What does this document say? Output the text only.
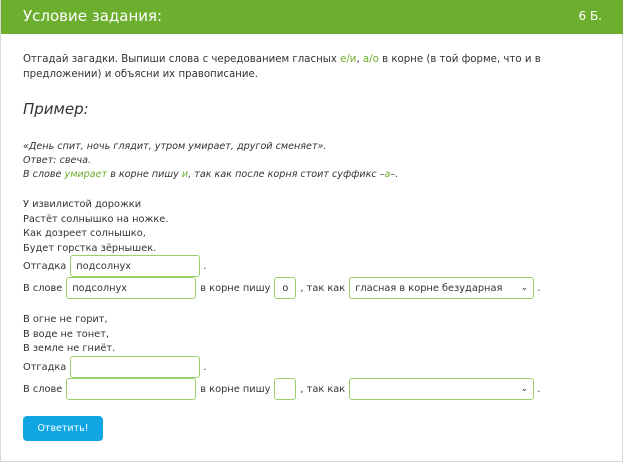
Условие задания:	6 Б.
Отгадай загадки. Выпиши слова с чередованием гласных е/и, а/о в корне (в той форме, что и в предложении) и объясни их правописание.
Пример:
«День спит, ночь глядит, утром умирает, другой сменяет».
Ответ: свеча.
В слове умирает в корне пишу и, так как после корня стоит суффикс –а–.
У извилистой дорожки
Растёт солнышко на ножке.
Как дозреет солнышко,
Будет горстка зёрнышек.
Отгадка	подсолнух	.
В слове	подсолнух	в корне пишу	о	, так как гласная в корне безударная ⌄ .
В огне не горит,
В воде не тонет,
В земле не гниёт.
Отгадка	.
В слове	в корне пишу	, так как	⌄ .
Ответить!
